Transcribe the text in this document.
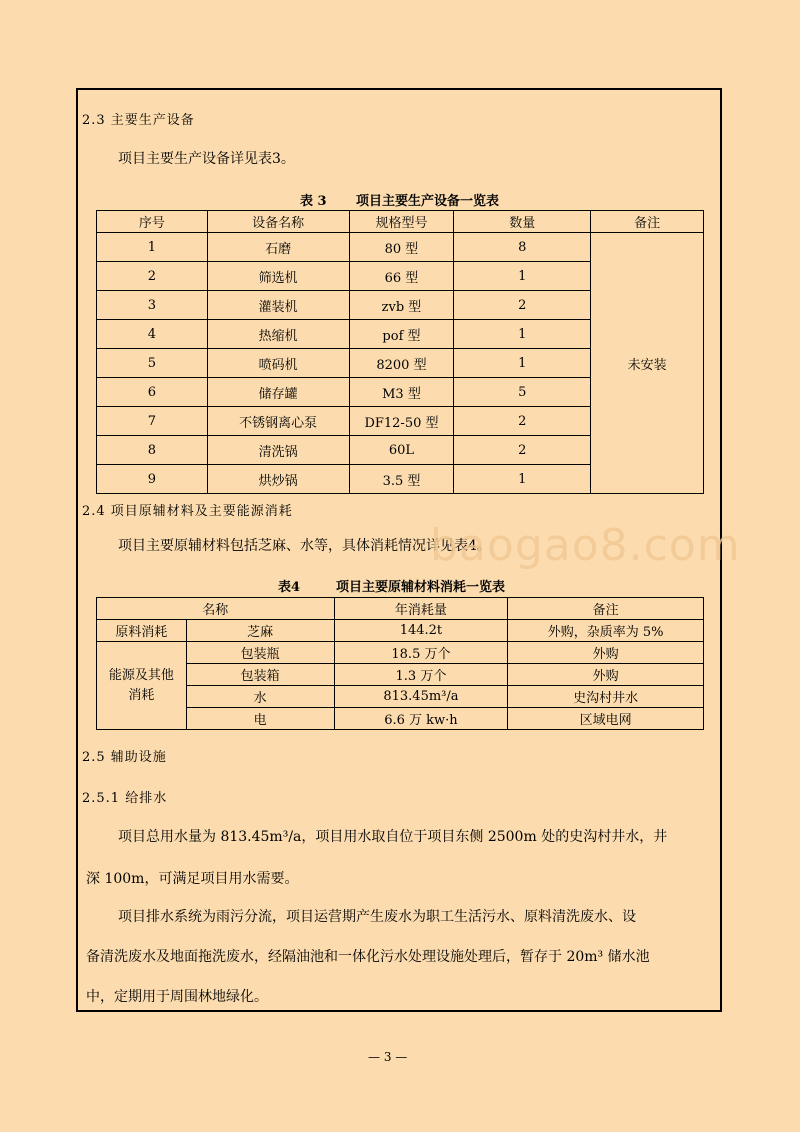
2.3 主要生产设备
项目主要生产设备详见表3。
表 3 项目主要生产设备一览表
序号	设备名称	规格型号	数量	备注
1	石磨	80 型	8	未安装
2	筛选机	66 型	1	
3	灌装机	zvb 型	2	
4	热缩机	pof 型	1	
5	喷码机	8200 型	1	
6	储存罐	M3 型	5	
7	不锈钢离心泵	DF12-50 型	2	
8	清洗锅	60L	2	
9	烘炒锅	3.5 型	1	
2.4 项目原辅材料及主要能源消耗
项目主要原辅材料包括芝麻、水等，具体消耗情况详见表4。
表4	项目主要原辅材料消耗一览表
名称		年消耗量	备注
原料消耗	芝麻	144.2t	外购，杂质率为 5%

能源及其他
消耗	包装瓶	18.5 万个	外购
	包装箱	1.3 万个	外购
	水	813.45m³/a	史沟村井水
	电	6.6 万 kw·h	区域电网
2.5 辅助设施
2.5.1 给排水
项目总用水量为 813.45m³/a，项目用水取自位于项目东侧 2500m 处的史沟村井水，井
深 100m，可满足项目用水需要。
项目排水系统为雨污分流，项目运营期产生废水为职工生活污水、原料清洗废水、设
备清洗废水及地面拖洗废水，经隔油池和一体化污水处理设施处理后，暂存于 20m³ 储水池
中，定期用于周围林地绿化。
baogao8.com
— 3 —
